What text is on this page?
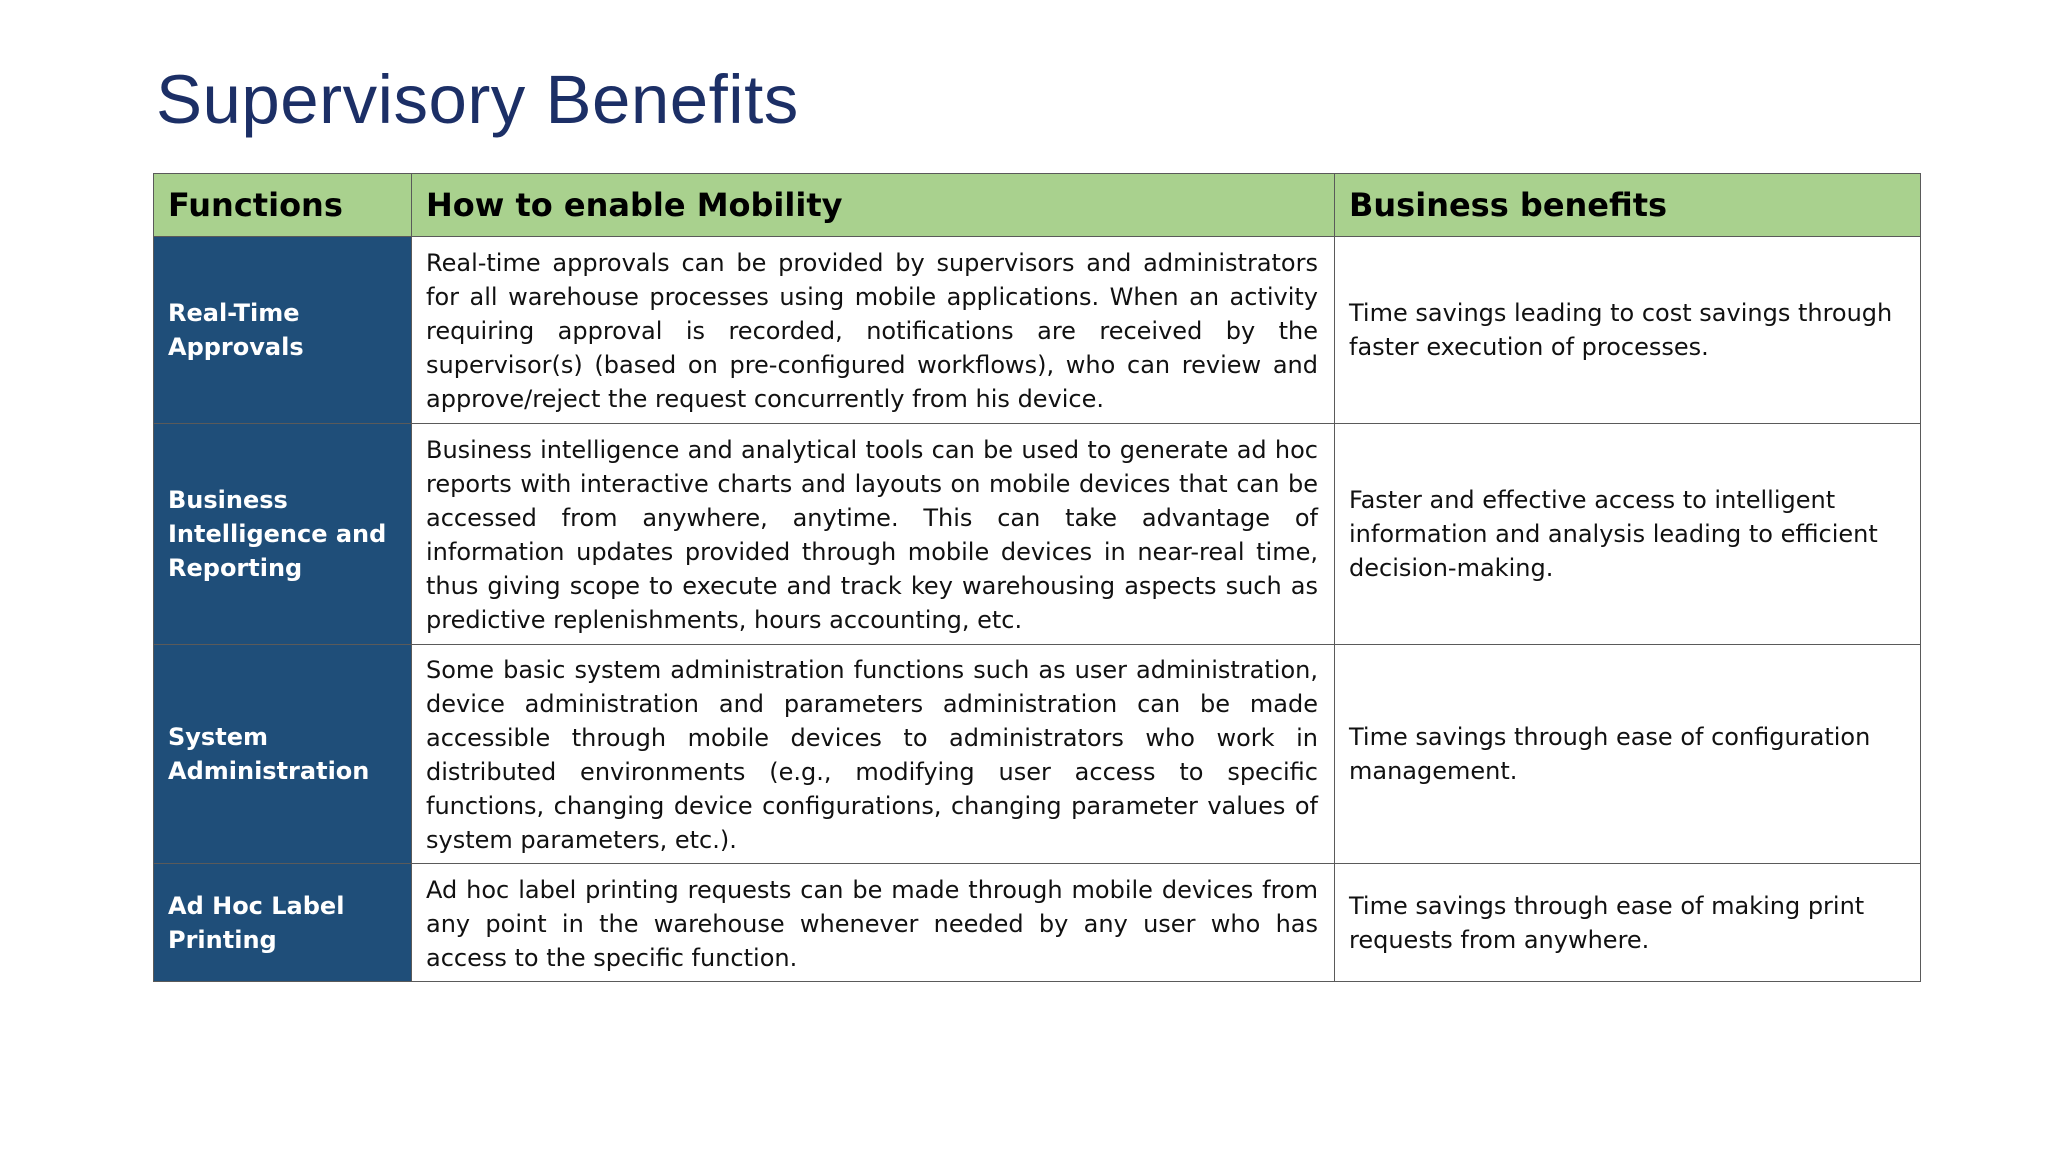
Supervisory Benefits
Functions	How to enable Mobility	Business benefits
Real-Time Approvals	Real-time approvals can be provided by supervisors and administrators for all warehouse processes using mobile applications. When an activity requiring approval is recorded, notifications are received by the supervisor(s) (based on pre-configured workflows), who can review and approve/reject the request concurrently from his device.	Time savings leading to cost savings through faster execution of processes.
Business Intelligence and Reporting	Business intelligence and analytical tools can be used to generate ad hoc reports with interactive charts and layouts on mobile devices that can be accessed from anywhere, anytime. This can take advantage of information updates provided through mobile devices in near-real time, thus giving scope to execute and track key warehousing aspects such as predictive replenishments, hours accounting, etc.	Faster and effective access to intelligent information and analysis leading to efficient decision-making.
System Administration	Some basic system administration functions such as user administration, device administration and parameters administration can be made accessible through mobile devices to administrators who work in distributed environments (e.g., modifying user access to specific functions, changing device configurations, changing parameter values of system parameters, etc.).	Time savings through ease of configuration management.
Ad Hoc Label Printing	Ad hoc label printing requests can be made through mobile devices from any point in the warehouse whenever needed by any user who has access to the specific function.	Time savings through ease of making print requests from anywhere.
